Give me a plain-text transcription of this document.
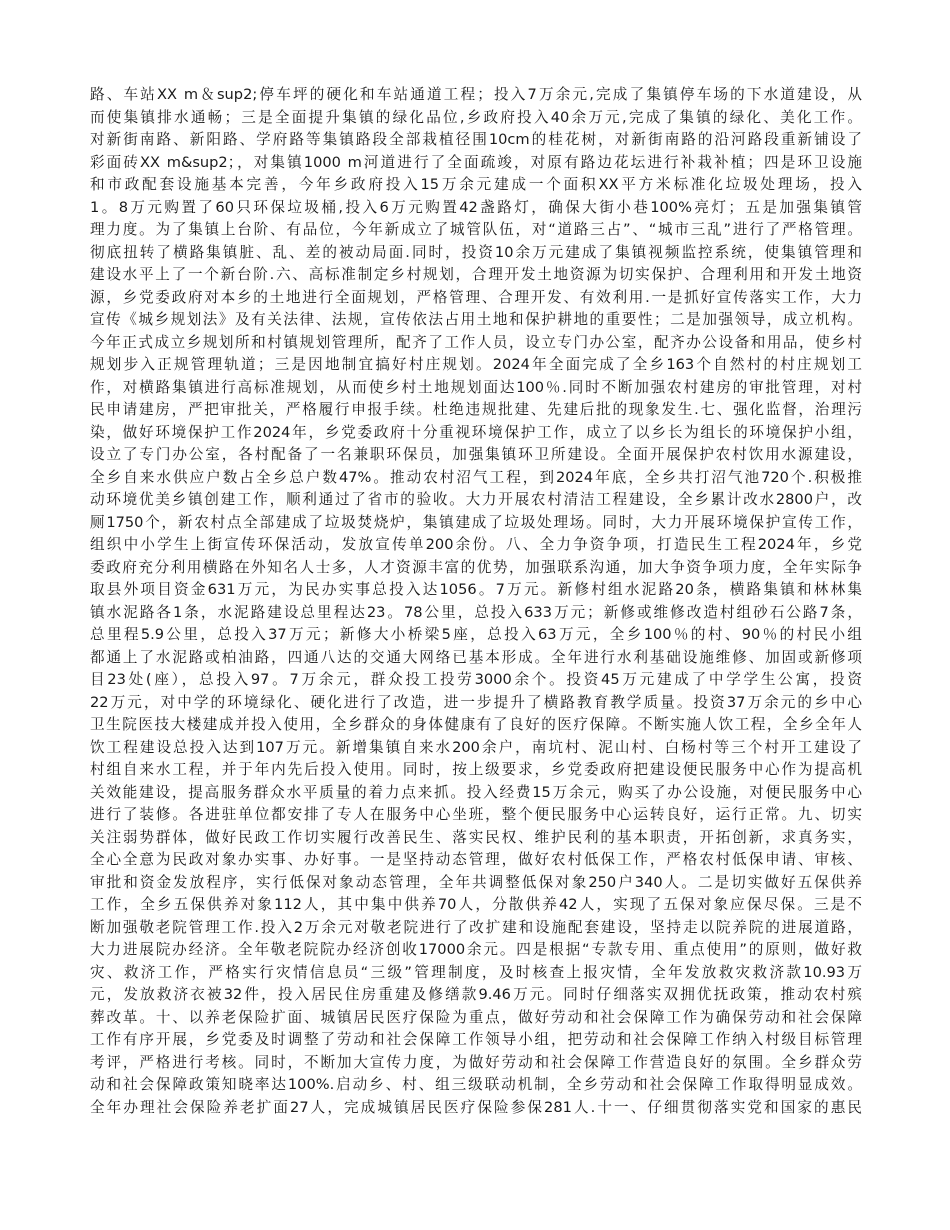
路、车站XX m＆sup2;停车坪的硬化和车站通道工程；投入7万余元,完成了集镇停车场的下水道建设，从
而使集镇排水通畅；三是全面提升集镇的绿化品位,乡政府投入40余万元,完成了集镇的绿化、美化工作。
对新街南路、新阳路、学府路等集镇路段全部栽植径围10cm的桂花树，对新街南路的沿河路段重新铺设了
彩面砖XX m&sup2；，对集镇1000 m河道进行了全面疏竣，对原有路边花坛进行补栽补植；四是环卫设施
和市政配套设施基本完善，今年乡政府投入15万余元建成一个面积XX平方米标准化垃圾处理场，投入
1。8万元购置了60只环保垃圾桶,投入6万元购置42盏路灯，确保大街小巷100%亮灯；五是加强集镇管
理力度。为了集镇上台阶、有品位，今年新成立了城管队伍，对“道路三占”、“城市三乱”进行了严格管理。
彻底扭转了横路集镇脏、乱、差的被动局面.同时，投资10余万元建成了集镇视频监控系统，使集镇管理和
建设水平上了一个新台阶.六、高标准制定乡村规划，合理开发土地资源为切实保护、合理利用和开发土地资
源，乡党委政府对本乡的土地进行全面规划，严格管理、合理开发、有效利用.一是抓好宣传落实工作，大力
宣传《城乡规划法》及有关法律、法规，宣传依法占用土地和保护耕地的重要性；二是加强领导，成立机构。
今年正式成立乡规划所和村镇规划管理所，配齐了工作人员，设立专门办公室，配齐办公设备和用品，使乡村
规划步入正规管理轨道；三是因地制宜搞好村庄规划。2024年全面完成了全乡163个自然村的村庄规划工
作，对横路集镇进行高标准规划，从而使乡村土地规划面达100％.同时不断加强农村建房的审批管理，对村
民申请建房，严把审批关，严格履行申报手续。杜绝违规批建、先建后批的现象发生.七、强化监督，治理污
染，做好环境保护工作2024年，乡党委政府十分重视环境保护工作，成立了以乡长为组长的环境保护小组，
设立了专门办公室，各村配备了一名兼职环保员，加强集镇环卫所建设。全面开展保护农村饮用水源建设，
全乡自来水供应户数占全乡总户数47%。推动农村沼气工程，到2024年底，全乡共打沼气池720个.积极推
动环境优美乡镇创建工作，顺利通过了省市的验收。大力开展农村清洁工程建设，全乡累计改水2800户，改
厕1750个，新农村点全部建成了垃圾焚烧炉，集镇建成了垃圾处理场。同时，大力开展环境保护宣传工作，
组织中小学生上街宣传环保活动，发放宣传单200余份。八、全力争资争项，打造民生工程2024年，乡党
委政府充分利用横路在外知名人士多，人才资源丰富的优势，加强联系沟通，加大争资争项力度，全年实际争
取县外项目资金631万元，为民办实事总投入达1056。7万元。新修村组水泥路20条，横路集镇和林林集
镇水泥路各1条，水泥路建设总里程达23。78公里，总投入633万元；新修或维修改造村组砂石公路7条，
总里程5.9公里，总投入37万元；新修大小桥梁5座，总投入63万元，全乡100％的村、90％的村民小组
都通上了水泥路或柏油路，四通八达的交通大网络已基本形成。全年进行水利基础设施维修、加固或新修项
目23处(座），总投入97。7万余元，群众投工投劳3000余个。投资45万元建成了中学学生公寓，投资
22万元，对中学的环境绿化、硬化进行了改造，进一步提升了横路教育教学质量。投资37万余元的乡中心
卫生院医技大楼建成并投入使用，全乡群众的身体健康有了良好的医疗保障。不断实施人饮工程，全乡全年人
饮工程建设总投入达到107万元。新增集镇自来水200余户，南坑村、泥山村、白杨村等三个村开工建设了
村组自来水工程，并于年内先后投入使用。同时，按上级要求，乡党委政府把建设便民服务中心作为提高机
关效能建设，提高服务群众水平质量的着力点来抓。投入经费15万余元，购买了办公设施，对便民服务中心
进行了装修。各进驻单位都安排了专人在服务中心坐班，整个便民服务中心运转良好，运行正常。九、切实
关注弱势群体，做好民政工作切实履行改善民生、落实民权、维护民利的基本职责，开拓创新，求真务实，
全心全意为民政对象办实事、办好事。一是坚持动态管理，做好农村低保工作，严格农村低保申请、审核、
审批和资金发放程序，实行低保对象动态管理，全年共调整低保对象250户340人。二是切实做好五保供养
工作，全乡五保供养对象112人，其中集中供养70人，分散供养42人，实现了五保对象应保尽保。三是不
断加强敬老院管理工作.投入2万余元对敬老院进行了改扩建和设施配套建设，坚持走以院养院的进展道路，
大力进展院办经济。全年敬老院院办经济创收17000余元。四是根据“专款专用、重点使用”的原则，做好救
灾、救济工作，严格实行灾情信息员“三级”管理制度，及时核查上报灾情，全年发放救灾救济款10.93万
元，发放救济衣被32件，投入居民住房重建及修缮款9.46万元。同时仔细落实双拥优抚政策，推动农村殡
葬改革。十、以养老保险扩面、城镇居民医疗保险为重点，做好劳动和社会保障工作为确保劳动和社会保障
工作有序开展，乡党委及时调整了劳动和社会保障工作领导小组，把劳动和社会保障工作纳入村级目标管理
考评，严格进行考核。同时，不断加大宣传力度，为做好劳动和社会保障工作营造良好的氛围。全乡群众劳
动和社会保障政策知晓率达100%.启动乡、村、组三级联动机制，全乡劳动和社会保障工作取得明显成效。
全年办理社会保险养老扩面27人，完成城镇居民医疗保险参保281人.十一、仔细贯彻落实党和国家的惠民
